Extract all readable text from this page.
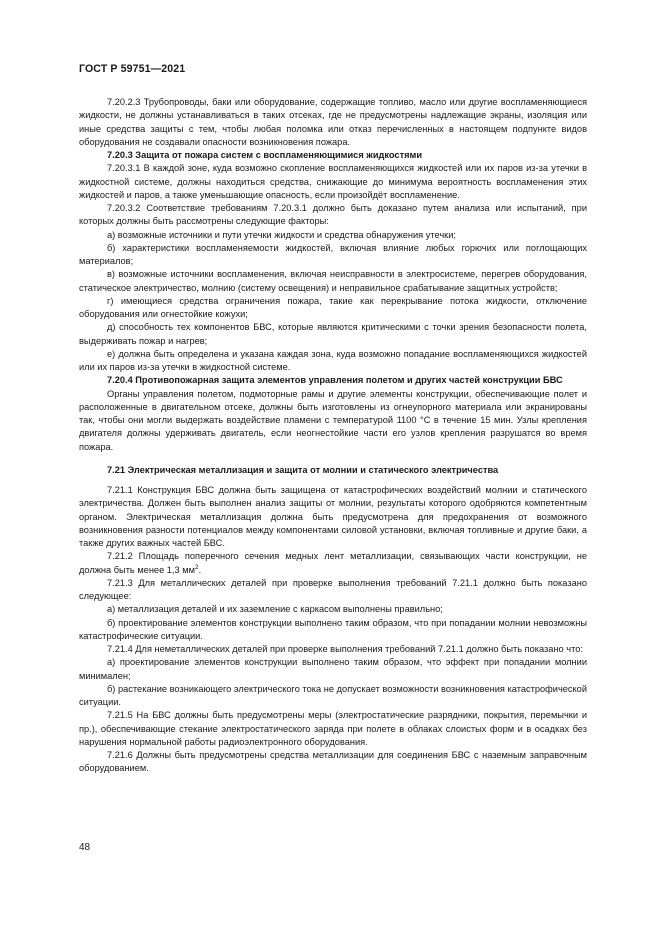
ГОСТ Р 59751—2021

7.20.2.3 Трубопроводы, баки или оборудование, содержащие топливо, масло или другие воспламеняющиеся жидкости, не должны устанавливаться в таких отсеках, где не предусмотрены надлежащие экраны, изоляция или иные средства защиты с тем, чтобы любая поломка или отказ перечисленных в настоящем подпункте видов оборудования не создавали опасности возникновения пожара.

7.20.3 Защита от пожара систем с воспламеняющимися жидкостями

7.20.3.1 В каждой зоне, куда возможно скопление воспламеняющихся жидкостей или их паров из-за утечки в жидкостной системе, должны находиться средства, снижающие до минимума вероятность воспламенения этих жидкостей и паров, а также уменьшающие опасность, если произойдёт воспламенение.

7.20.3.2 Соответствие требованиям 7.20.3.1 должно быть доказано путем анализа или испытаний, при которых должны быть рассмотрены следующие факторы:

а) возможные источники и пути утечки жидкости и средства обнаружения утечки;

б) характеристики воспламеняемости жидкостей, включая влияние любых горючих или поглощающих материалов;

в) возможные источники воспламенения, включая неисправности в электросистеме, перегрев оборудования, статическое электричество, молнию (систему освещения) и неправильное срабатывание защитных устройств;

г) имеющиеся средства ограничения пожара, такие как перекрывание потока жидкости, отключение оборудования или огнестойкие кожухи;

д) способность тех компонентов БВС, которые являются критическими с точки зрения безопасности полета, выдерживать пожар и нагрев;

е) должна быть определена и указана каждая зона, куда возможно попадание воспламеняющихся жидкостей или их паров из-за утечки в жидкостной системе.

7.20.4 Противопожарная защита элементов управления полетом и других частей конструкции БВС

Органы управления полетом, подмоторные рамы и другие элементы конструкции, обеспечивающие полет и расположенные в двигательном отсеке, должны быть изготовлены из огнеупорного материала или экранированы так, чтобы они могли выдержать воздействие пламени с температурой 1100 °С в течение 15 мин. Узлы крепления двигателя должны удерживать двигатель, если неогнестойкие части его узлов крепления разрушатся во время пожара.

7.21 Электрическая металлизация и защита от молнии и статического электричества

7.21.1 Конструкция БВС должна быть защищена от катастрофических воздействий молнии и статического электричества. Должен быть выполнен анализ защиты от молнии, результаты которого одобряются компетентным органом. Электрическая металлизация должна быть предусмотрена для предохранения от возможного возникновения разности потенциалов между компонентами силовой установки, включая топливные и другие баки, а также других важных частей БВС.

7.21.2 Площадь поперечного сечения медных лент металлизации, связывающих части конструкции, не должна быть менее 1,3 $мм^2$.

7.21.3 Для металлических деталей при проверке выполнения требований 7.21.1 должно быть показано следующее:

а) металлизация деталей и их заземление с каркасом выполнены правильно;

б) проектирование элементов конструкции выполнено таким образом, что при попадании молнии невозможны катастрофические ситуации.

7.21.4 Для неметаллических деталей при проверке выполнения требований 7.21.1 должно быть показано что:

а) проектирование элементов конструкции выполнено таким образом, что эффект при попадании молнии минимален;

б) растекание возникающего электрического тока не допускает возможности возникновения катастрофической ситуации.

7.21.5 На БВС должны быть предусмотрены меры (электростатические разрядники, покрытия, перемычки и пр.), обеспечивающие стекание электростатического заряда при полете в облаках слоистых форм и в осадках без нарушения нормальной работы радиоэлектронного оборудования.

7.21.6 Должны быть предусмотрены средства металлизации для соединения БВС с наземным заправочным оборудованием.

48
